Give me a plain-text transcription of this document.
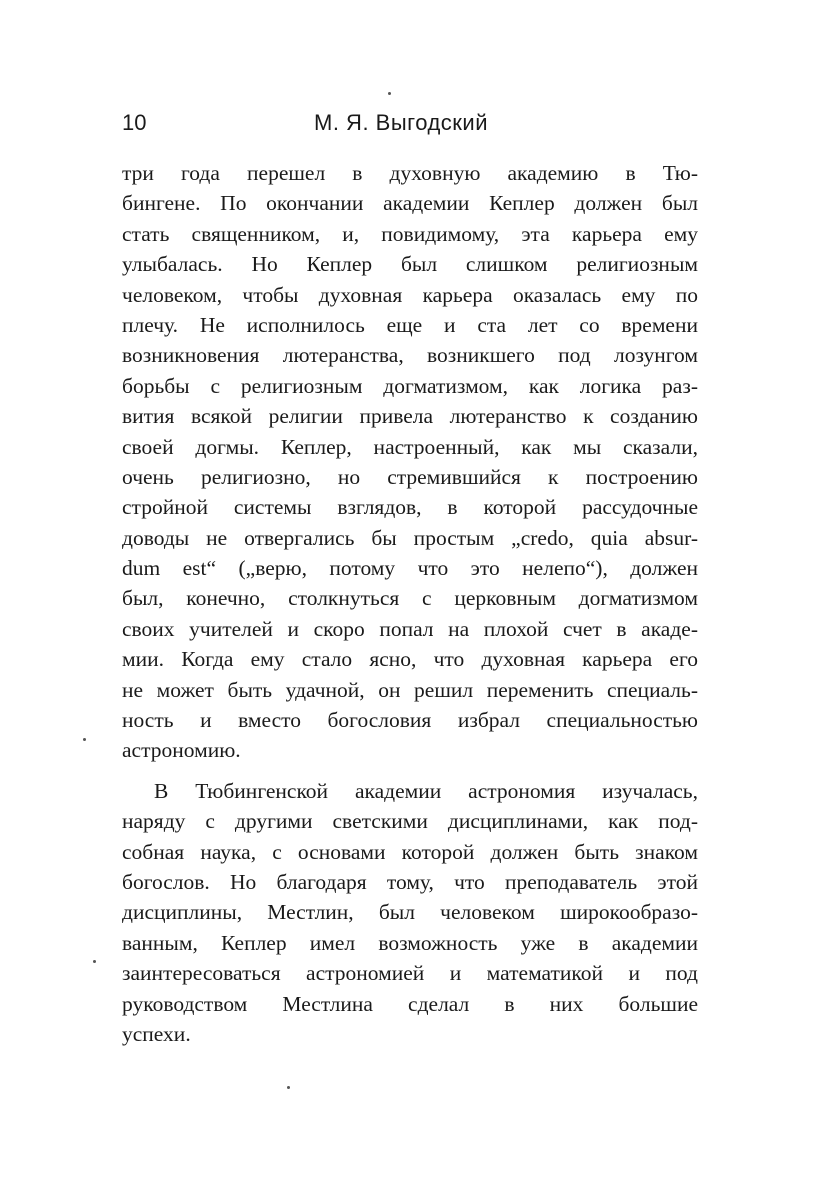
10	М. Я. Выгодский
три года перешел в духовную академию в Тю-
бингене. По окончании академии Кеплер должен был
стать священником, и, повидимому, эта карьера ему
улыбалась. Но Кеплер был слишком религиозным
человеком, чтобы духовная карьера оказалась ему по
плечу. Не исполнилось еще и ста лет со времени
возникновения лютеранства, возникшего под лозунгом
борьбы с религиозным догматизмом, как логика раз-
вития всякой религии привела лютеранство к созданию
своей догмы. Кеплер, настроенный, как мы сказали,
очень религиозно, но стремившийся к построению
стройной системы взглядов, в которой рассудочные
доводы не отвергались бы простым „credo, quia absur-
dum est“ („верю, потому что это нелепо“), должен
был, конечно, столкнуться с церковным догматизмом
своих учителей и скоро попал на плохой счет в акаде-
мии. Когда ему стало ясно, что духовная карьера его
не может быть удачной, он решил переменить специаль-
ность и вместо богословия избрал специальностью
астрономию.
В Тюбингенской академии астрономия изучалась,
наряду с другими светскими дисциплинами, как под-
собная наука, с основами которой должен быть знаком
богослов. Но благодаря тому, что преподаватель этой
дисциплины, Местлин, был человеком широкообразо-
ванным, Кеплер имел возможность уже в академии
заинтересоваться астрономией и математикой и под
руководством Местлина сделал в них большие
успехи.
